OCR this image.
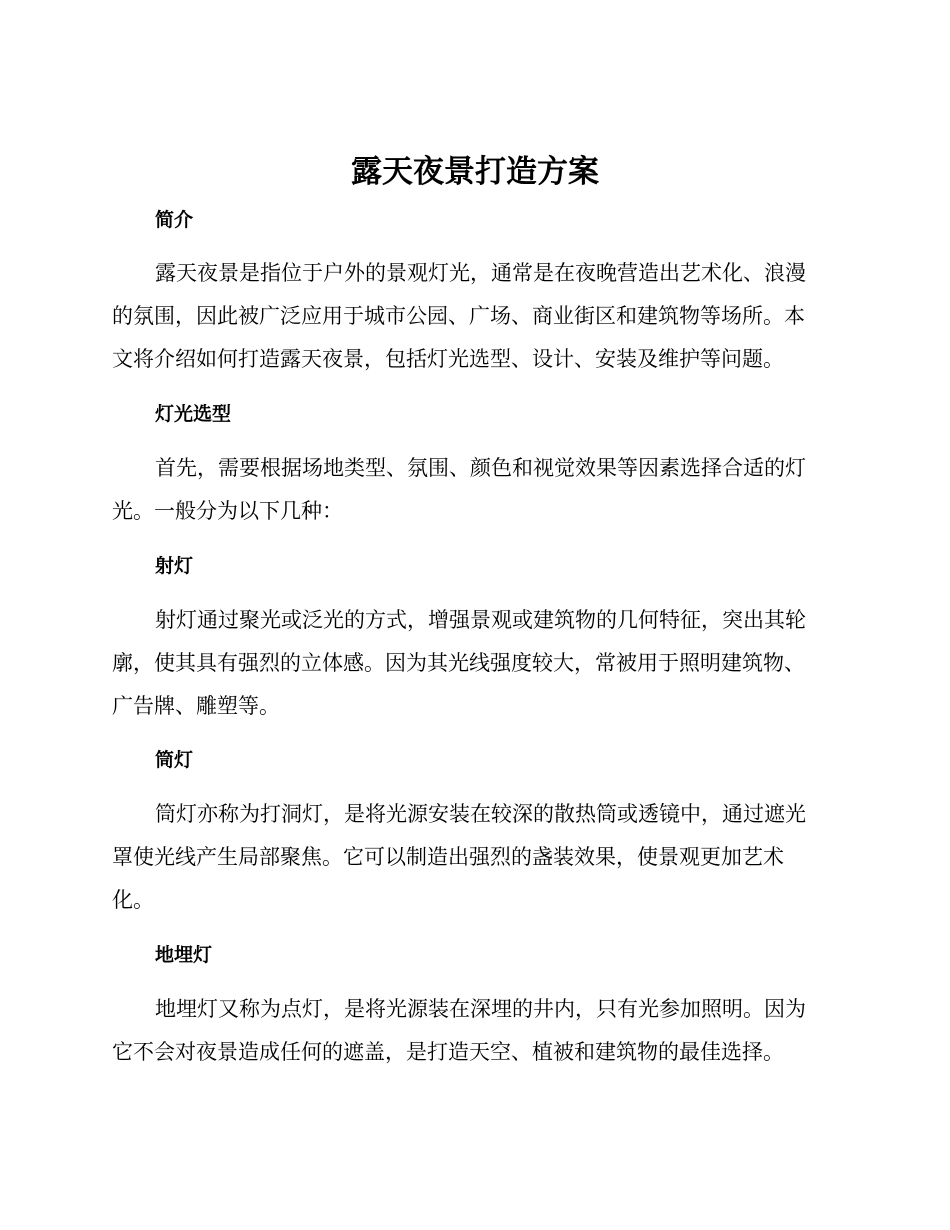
露天夜景打造方案
简介
露天夜景是指位于户外的景观灯光，通常是在夜晚营造出艺术化、浪漫
的氛围，因此被广泛应用于城市公园、广场、商业街区和建筑物等场所。本
文将介绍如何打造露天夜景，包括灯光选型、设计、安装及维护等问题。
灯光选型
首先，需要根据场地类型、氛围、颜色和视觉效果等因素选择合适的灯
光。一般分为以下几种：
射灯
射灯通过聚光或泛光的方式，增强景观或建筑物的几何特征，突出其轮
廓，使其具有强烈的立体感。因为其光线强度较大，常被用于照明建筑物、
广告牌、雕塑等。
筒灯
筒灯亦称为打洞灯，是将光源安装在较深的散热筒或透镜中，通过遮光
罩使光线产生局部聚焦。它可以制造出强烈的盏装效果，使景观更加艺术
化。
地埋灯
地埋灯又称为点灯，是将光源装在深埋的井内，只有光参加照明。因为
它不会对夜景造成任何的遮盖，是打造天空、植被和建筑物的最佳选择。
